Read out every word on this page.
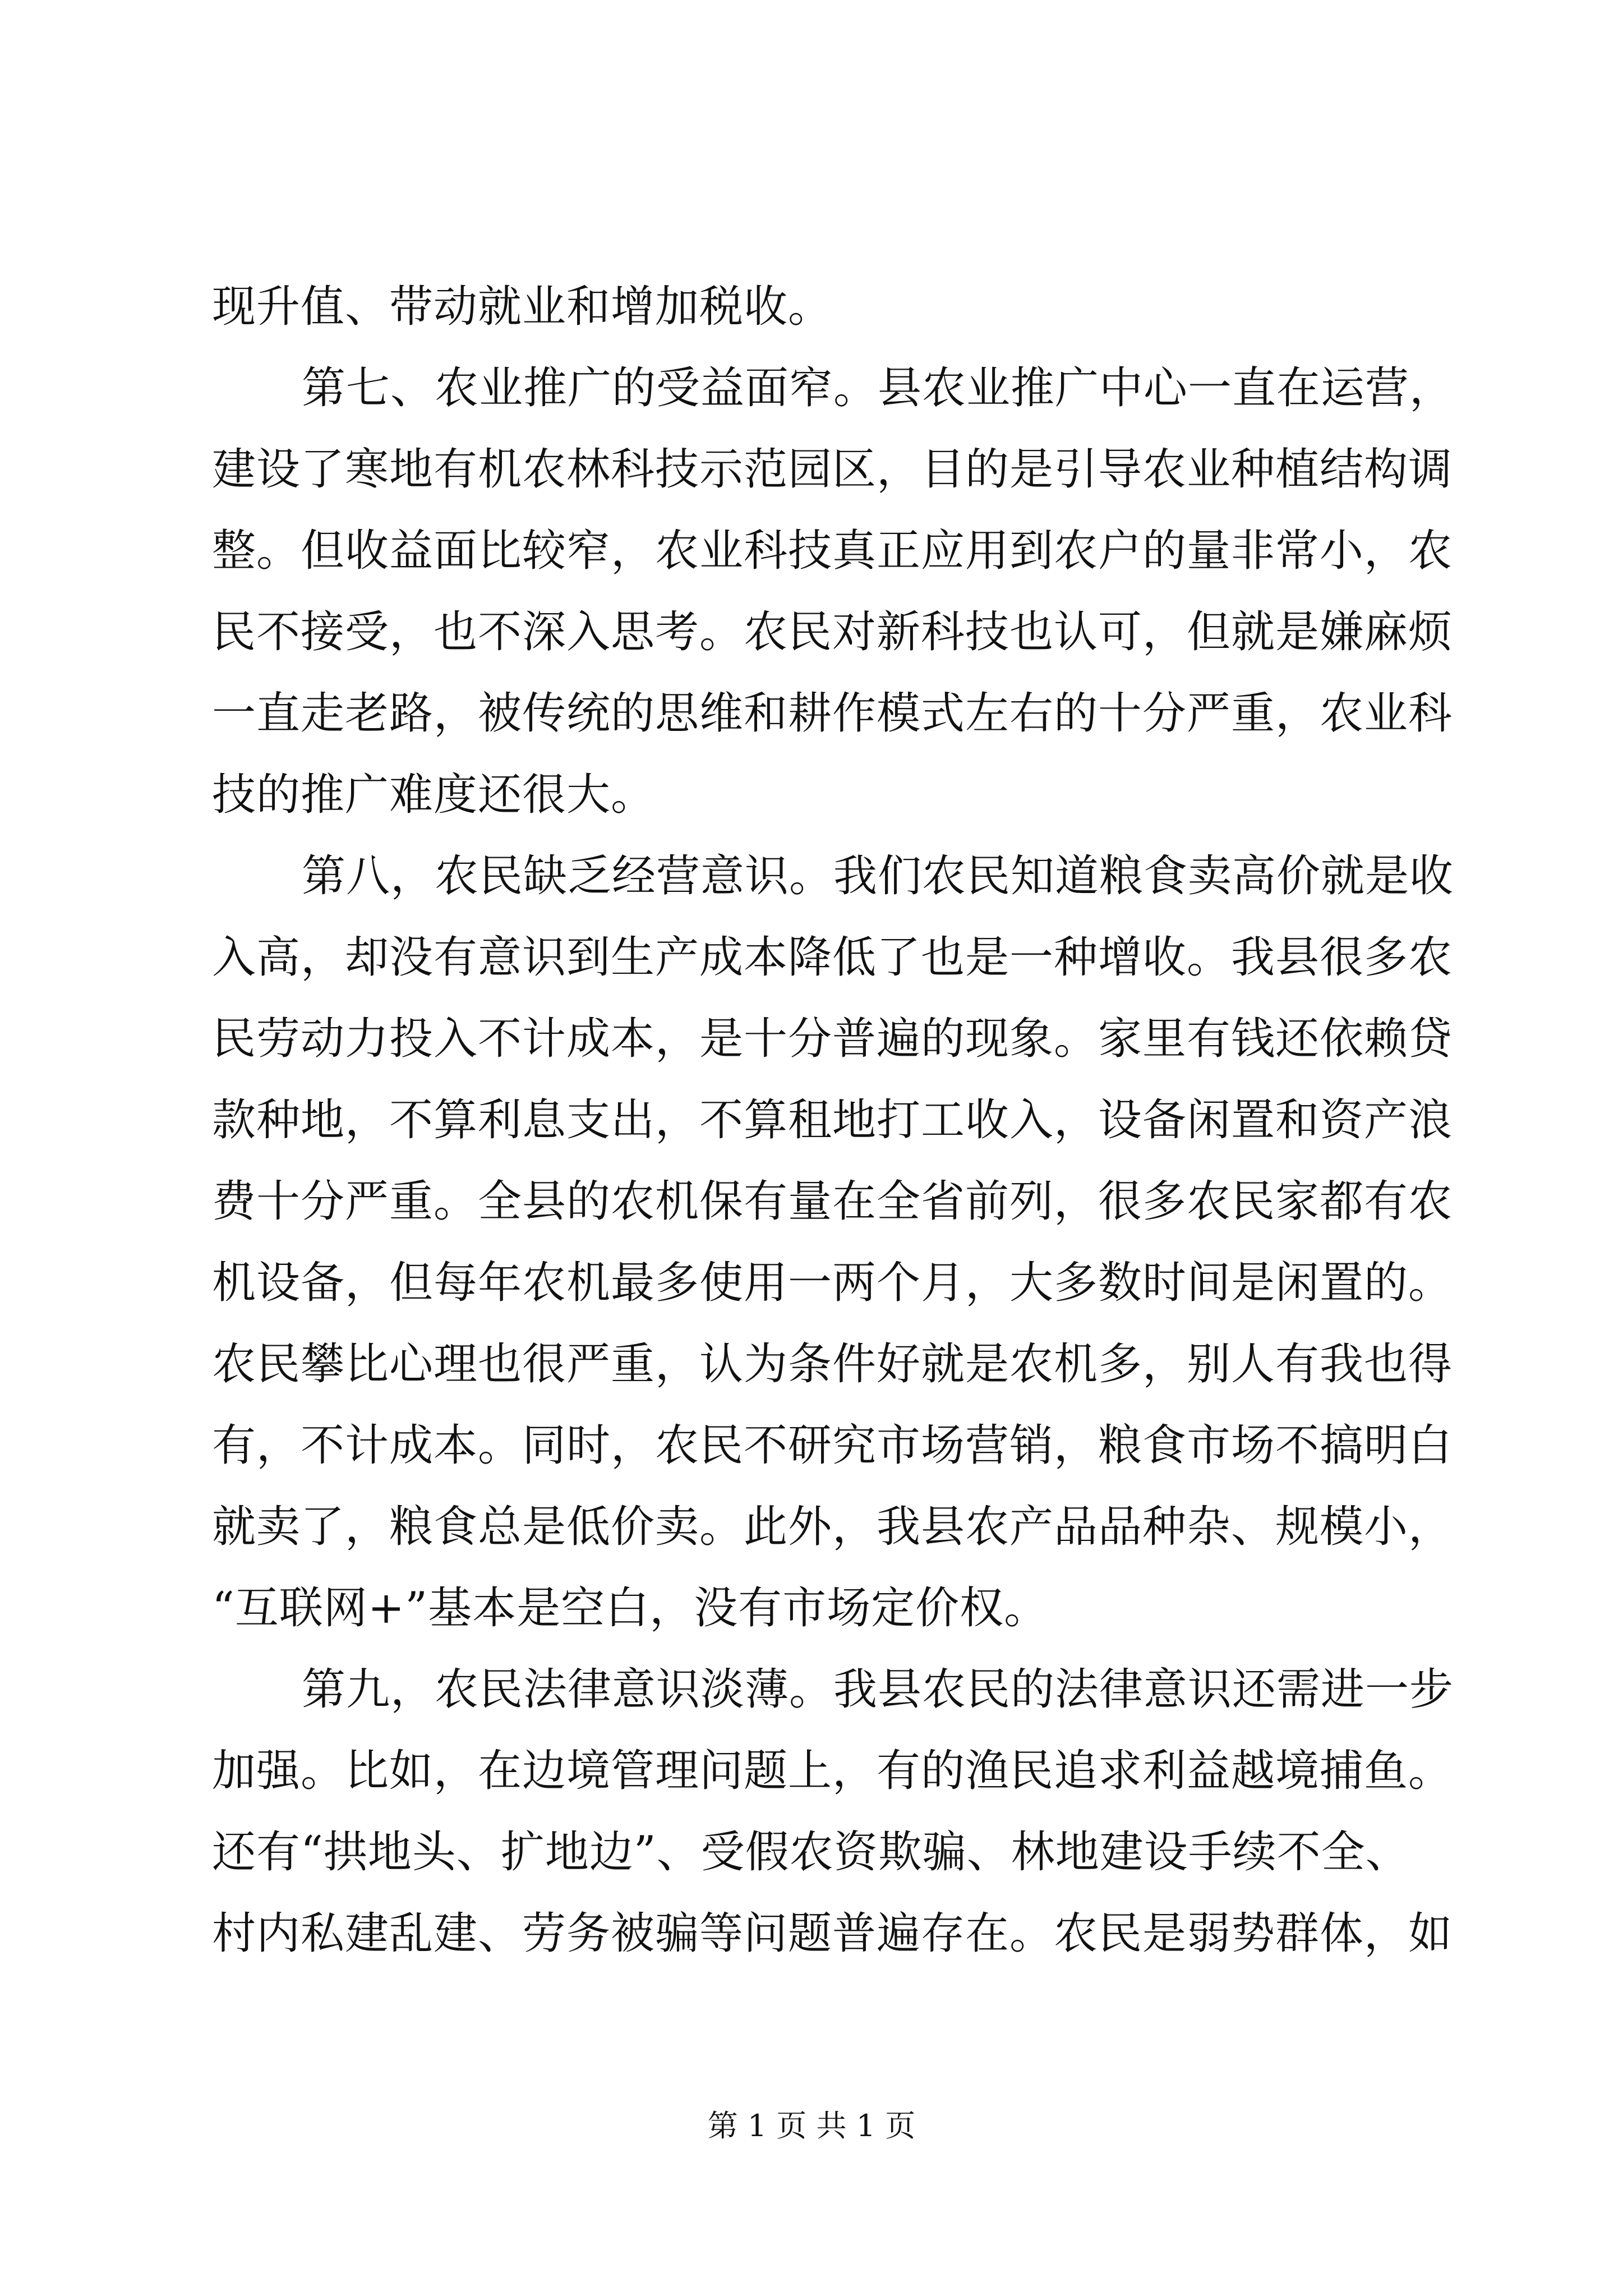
现升值、带动就业和增加税收。
第七、农业推广的受益面窄。县农业推广中心一直在运营，
建设了寒地有机农林科技示范园区，目的是引导农业种植结构调
整。但收益面比较窄，农业科技真正应用到农户的量非常小，农
民不接受，也不深入思考。农民对新科技也认可，但就是嫌麻烦
一直走老路，被传统的思维和耕作模式左右的十分严重，农业科
技的推广难度还很大。
第八，农民缺乏经营意识。我们农民知道粮食卖高价就是收
入高，却没有意识到生产成本降低了也是一种增收。我县很多农
民劳动力投入不计成本，是十分普遍的现象。家里有钱还依赖贷
款种地，不算利息支出，不算租地打工收入，设备闲置和资产浪
费十分严重。全县的农机保有量在全省前列，很多农民家都有农
机设备，但每年农机最多使用一两个月，大多数时间是闲置的。
农民攀比心理也很严重，认为条件好就是农机多，别人有我也得
有，不计成本。同时，农民不研究市场营销，粮食市场不搞明白
就卖了，粮食总是低价卖。此外，我县农产品品种杂、规模小，
“互联网+”基本是空白，没有市场定价权。
第九，农民法律意识淡薄。我县农民的法律意识还需进一步
加强。比如，在边境管理问题上，有的渔民追求利益越境捕鱼。
还有“拱地头、扩地边”、受假农资欺骗、林地建设手续不全、
村内私建乱建、劳务被骗等问题普遍存在。农民是弱势群体，如
第 1 页 共 1 页
